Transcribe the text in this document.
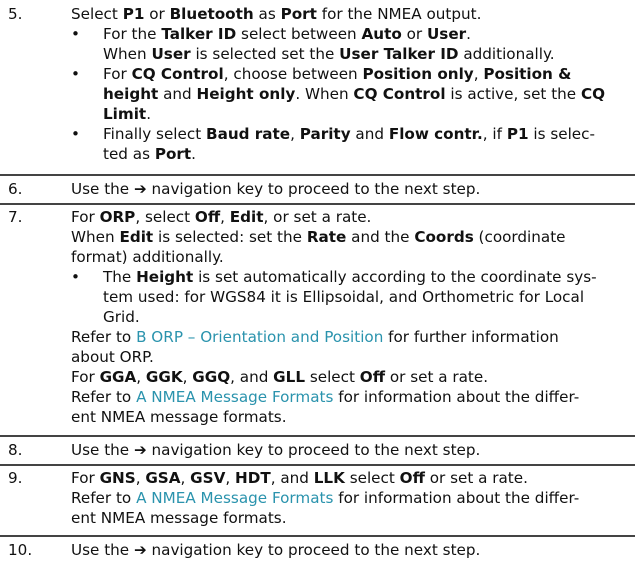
5.	Select P1 or Bluetooth as Port for the NMEA output.
• For the Talker ID select between Auto or User.
When User is selected set the User Talker ID additionally.
• For CQ Control, choose between Position only, Position &
height and Height only. When CQ Control is active, set the CQ
Limit.
• Finally select Baud rate, Parity and Flow contr., if P1 is selec-
ted as Port.
6.	Use the ➔ navigation key to proceed to the next step.
7.	For ORP, select Off, Edit, or set a rate.
When Edit is selected: set the Rate and the Coords (coordinate
format) additionally.
• The Height is set automatically according to the coordinate sys-
tem used: for WGS84 it is Ellipsoidal, and Orthometric for Local
Grid.
Refer to B ORP – Orientation and Position for further information
about ORP.
For GGA, GGK, GGQ, and GLL select Off or set a rate.
Refer to A NMEA Message Formats for information about the differ-
ent NMEA message formats.
8.	Use the ➔ navigation key to proceed to the next step.
9.	For GNS, GSA, GSV, HDT, and LLK select Off or set a rate.
Refer to A NMEA Message Formats for information about the differ-
ent NMEA message formats.
10.	Use the ➔ navigation key to proceed to the next step.
